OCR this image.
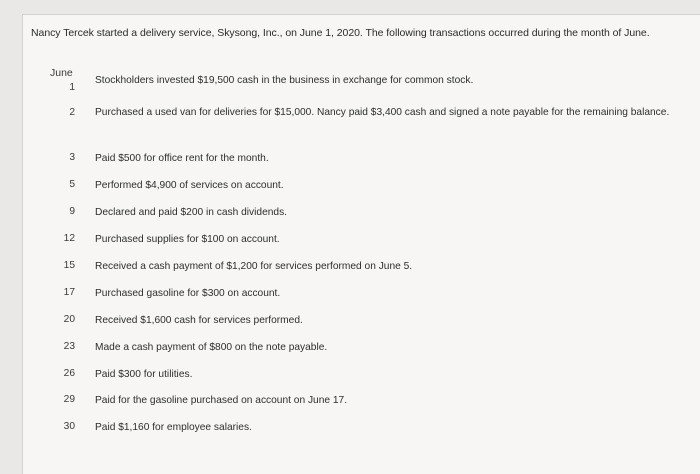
Nancy Tercek started a delivery service, Skysong, Inc., on June 1, 2020. The following transactions occurred during the month of June.
June
1
Stockholders invested $19,500 cash in the business in exchange for common stock.
2 Purchased a used van for deliveries for $15,000. Nancy paid $3,400 cash and signed a note payable for the remaining balance.
3 Paid $500 for office rent for the month.
5 Performed $4,900 of services on account.
9 Declared and paid $200 in cash dividends.
12 Purchased supplies for $100 on account.
15 Received a cash payment of $1,200 for services performed on June 5.
17 Purchased gasoline for $300 on account.
20 Received $1,600 cash for services performed.
23 Made a cash payment of $800 on the note payable.
26 Paid $300 for utilities.
29 Paid for the gasoline purchased on account on June 17.
30 Paid $1,160 for employee salaries.
